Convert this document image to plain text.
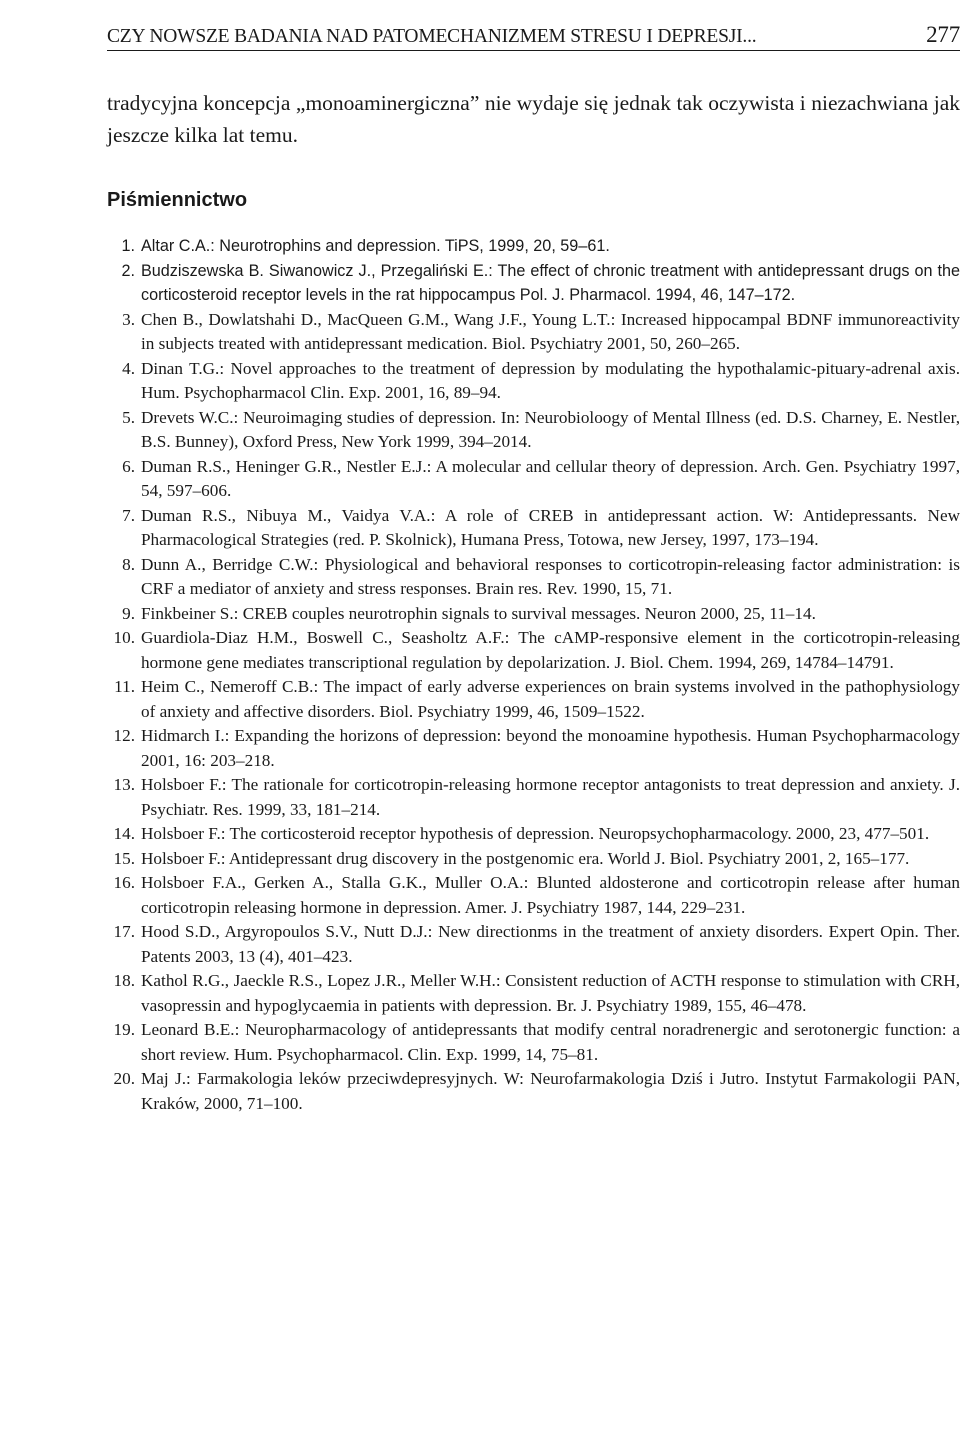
CZY NOWSZE BADANIA NAD PATOMECHANIZMEM STRESU I DEPRESJI...	277

tradycyjna koncepcja „monoaminergiczna” nie wydaje się jednak tak oczywista i niezachwiana jak jeszcze kilka lat temu.

Piśmiennictwo
1. Altar C.A.: Neurotrophins and depression. TiPS, 1999, 20, 59–61.
2. Budziszewska B. Siwanowicz J., Przegaliński E.: The effect of chronic treatment with antidepressant drugs on the corticosteroid receptor levels in the rat hippocampus Pol. J. Pharmacol. 1994, 46, 147–172.
3. Chen B., Dowlatshahi D., MacQueen G.M., Wang J.F., Young L.T.: Increased hippocampal BDNF immunoreactivity in subjects treated with antidepressant medication. Biol. Psychiatry 2001, 50, 260–265.
4. Dinan T.G.: Novel approaches to the treatment of depression by modulating the hypothalamic-pituary-adrenal axis. Hum. Psychopharmacol Clin. Exp. 2001, 16, 89–94.
5. Drevets W.C.: Neuroimaging studies of depression. In: Neurobioloogy of Mental Illness (ed. D.S. Charney, E. Nestler, B.S. Bunney), Oxford Press, New York 1999, 394–2014.
6. Duman R.S., Heninger G.R., Nestler E.J.: A molecular and cellular theory of depression. Arch. Gen. Psychiatry 1997, 54, 597–606.
7. Duman R.S., Nibuya M., Vaidya V.A.: A role of CREB in antidepressant action. W: Antidepressants. New Pharmacological Strategies (red. P. Skolnick), Humana Press, Totowa, new Jersey, 1997, 173–194.
8. Dunn A., Berridge C.W.: Physiological and behavioral responses to corticotropin-releasing factor administration: is CRF a mediator of anxiety and stress responses. Brain res. Rev. 1990, 15, 71.
9. Finkbeiner S.: CREB couples neurotrophin signals to survival messages. Neuron 2000, 25, 11–14.
10. Guardiola-Diaz H.M., Boswell C., Seasholtz A.F.: The cAMP-responsive element in the corticotropin-releasing hormone gene mediates transcriptional regulation by depolarization. J. Biol. Chem. 1994, 269, 14784–14791.
11. Heim C., Nemeroff C.B.: The impact of early adverse experiences on brain systems involved in the pathophysiology of anxiety and affective disorders. Biol. Psychiatry 1999, 46, 1509–1522.
12. Hidmarch I.: Expanding the horizons of depression: beyond the monoamine hypothesis. Human Psychopharmacology 2001, 16: 203–218.
13. Holsboer F.: The rationale for corticotropin-releasing hormone receptor antagonists to treat depression and anxiety. J. Psychiatr. Res. 1999, 33, 181–214.
14. Holsboer F.: The corticosteroid receptor hypothesis of depression. Neuropsychopharmacology. 2000, 23, 477–501.
15. Holsboer F.: Antidepressant drug discovery in the postgenomic era. World J. Biol. Psychiatry 2001, 2, 165–177.
16. Holsboer F.A., Gerken A., Stalla G.K., Muller O.A.: Blunted aldosterone and corticotropin release after human corticotropin releasing hormone in depression. Amer. J. Psychiatry 1987, 144, 229–231.
17. Hood S.D., Argyropoulos S.V., Nutt D.J.: New directionms in the treatment of anxiety disorders. Expert Opin. Ther. Patents 2003, 13 (4), 401–423.
18. Kathol R.G., Jaeckle R.S., Lopez J.R., Meller W.H.: Consistent reduction of ACTH response to stimulation with CRH, vasopressin and hypoglycaemia in patients with depression. Br. J. Psychiatry 1989, 155, 46–478.
19. Leonard B.E.: Neuropharmacology of antidepressants that modify central noradrenergic and serotonergic function: a short review. Hum. Psychopharmacol. Clin. Exp. 1999, 14, 75–81.
20. Maj J.: Farmakologia leków przeciwdepresyjnych. W: Neurofarmakologia Dziś i Jutro. Instytut Farmakologii PAN, Kraków, 2000, 71–100.
